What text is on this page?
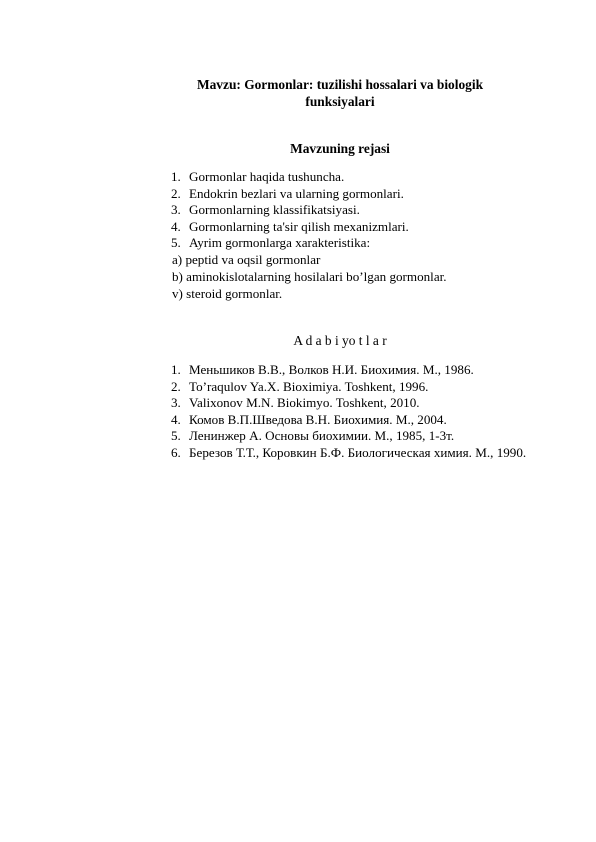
Mavzu: Gormonlar: tuzilishi hossalari va biologik
funksiyalari
Mavzuning rejasi
1. Gormonlar haqida tushuncha.
2. Endokrin bezlari va ularning gormonlari.
3. Gormonlarning klassifikatsiyasi.
4. Gormonlarning ta'sir qilish mexanizmlari.
5. Ayrim gormonlarga xarakteristika:
a) peptid va oqsil gormonlar
b) aminokislotalarning hosilalari bo’lgan gormonlar.
v) steroid gormonlar.
A d a b i yo t l a r
1. Меньшиков В.В., Волков Н.И. Биохимия. М., 1986.
2. To’raqulov Ya.X. Bioximiya. Toshkent, 1996.
3. Valixonov M.N. Biokimyo. Toshkent, 2010.
4. Комов В.П.Шведова В.Н. Биохимия. М., 2004.
5. Ленинжер А. Основы биохимии. М., 1985, 1-3т.
6. Березов Т.Т., Коровкин Б.Ф. Биологическая химия. М., 1990.
